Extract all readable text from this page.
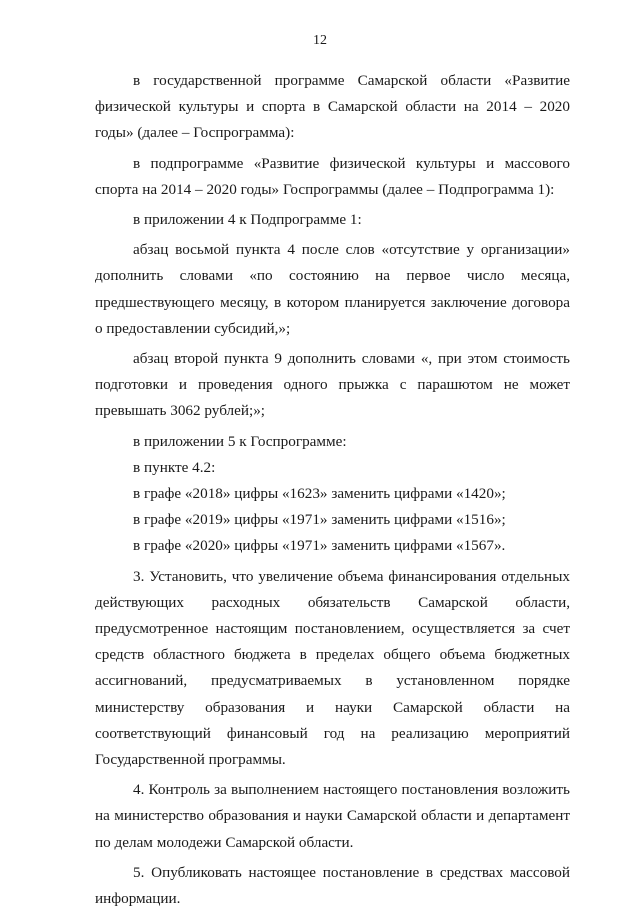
12

в государственной программе Самарской области «Развитие физической культуры и спорта в Самарской области на 2014 – 2020 годы» (далее – Госпрограмма):

в подпрограмме «Развитие физической культуры и массового спорта на 2014 – 2020 годы» Госпрограммы (далее – Подпрограмма 1):

в приложении 4 к Подпрограмме 1:

абзац восьмой пункта 4 после слов «отсутствие у организации» дополнить словами «по состоянию на первое число месяца, предшествующего месяцу, в котором планируется заключение договора о предоставлении субсидий,»;

абзац второй пункта 9 дополнить словами «, при этом стоимость подготовки и проведения одного прыжка с парашютом не может превышать 3062 рублей;»;

в приложении 5 к Госпрограмме:

в пункте 4.2:

в графе «2018» цифры «1623» заменить цифрами «1420»;

в графе «2019» цифры «1971» заменить цифрами «1516»;

в графе «2020» цифры «1971» заменить цифрами «1567».

3. Установить, что увеличение объема финансирования отдельных действующих расходных обязательств Самарской области, предусмотренное настоящим постановлением, осуществляется за счет средств областного бюджета в пределах общего объема бюджетных ассигнований, предусматриваемых в установленном порядке министерству образования и науки Самарской области на соответствующий финансовый год на реализацию мероприятий Государственной программы.

4. Контроль за выполнением настоящего постановления возложить на министерство образования и науки Самарской области и департамент по делам молодежи Самарской области.

5. Опубликовать настоящее постановление в средствах массовой информации.
